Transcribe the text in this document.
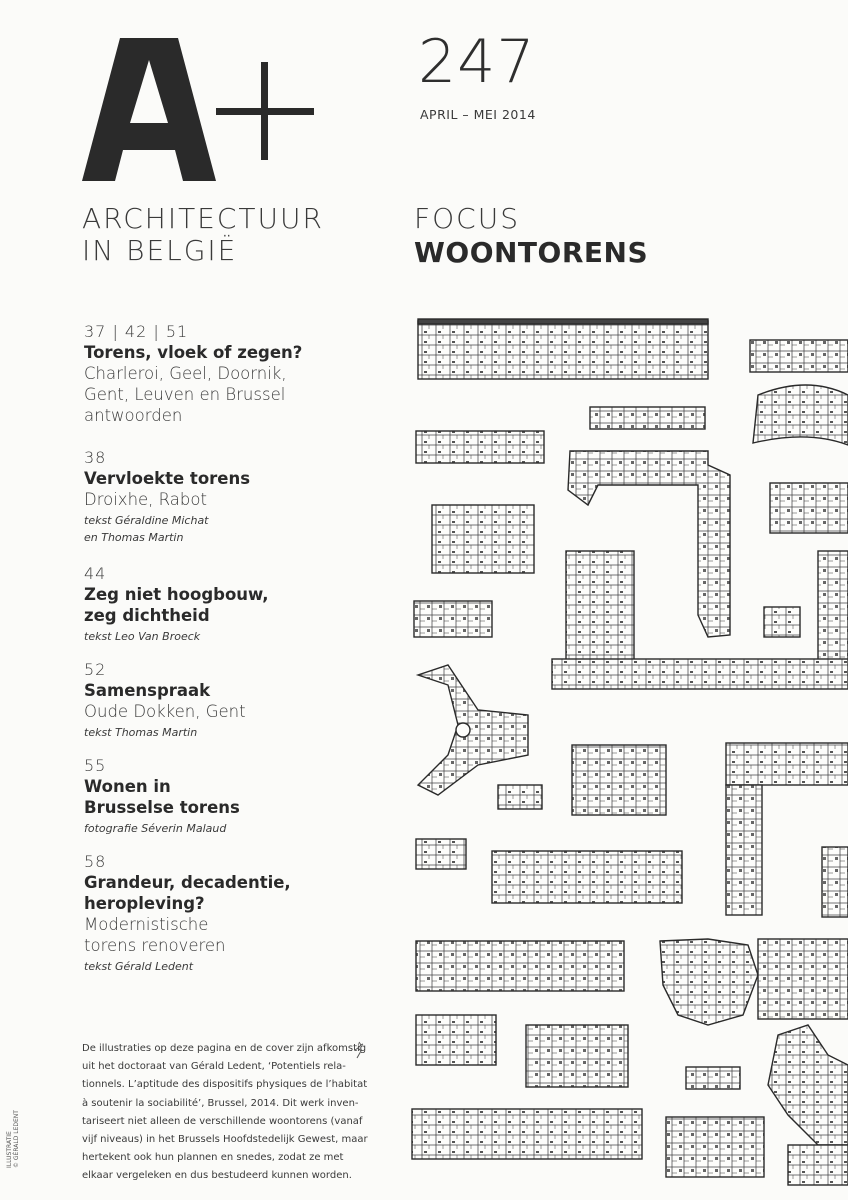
247
APRIL – MEI 2014
ARCHITECTUUR
IN BELGIË
FOCUS
WOONTORENS
37 | 42 | 51
Torens, vloek of zegen?
Charleroi, Geel, Doornik,
Gent, Leuven en Brussel
antwoorden
38
Vervloekte torens
Droixhe, Rabot
tekst Géraldine Michat
en Thomas Martin
44
Zeg niet hoogbouw,
zeg dichtheid
tekst Leo Van Broeck
52
Samenspraak
Oude Dokken, Gent
tekst Thomas Martin
55
Wonen in
Brusselse torens
fotografie Séverin Malaud
58
Grandeur, decadentie,
heropleving?
Modernistische
torens renoveren
tekst Gérald Ledent
De illustraties op deze pagina en de cover zijn afkomstig
uit het doctoraat van Gérald Ledent, ‘Potentiels rela-
tionnels. L’aptitude des dispositifs physiques de l’habitat
à soutenir la sociabilité’, Brussel, 2014. Dit werk inven-
tariseert niet alleen de verschillende woontorens (vanaf
vijf niveaus) in het Brussels Hoofdstedelijk Gewest, maar
hertekent ook hun plannen en snedes, zodat ze met
elkaar vergeleken en dus bestudeerd kunnen worden.
ILLUSTRATIE © GÉRALD LEDENT
